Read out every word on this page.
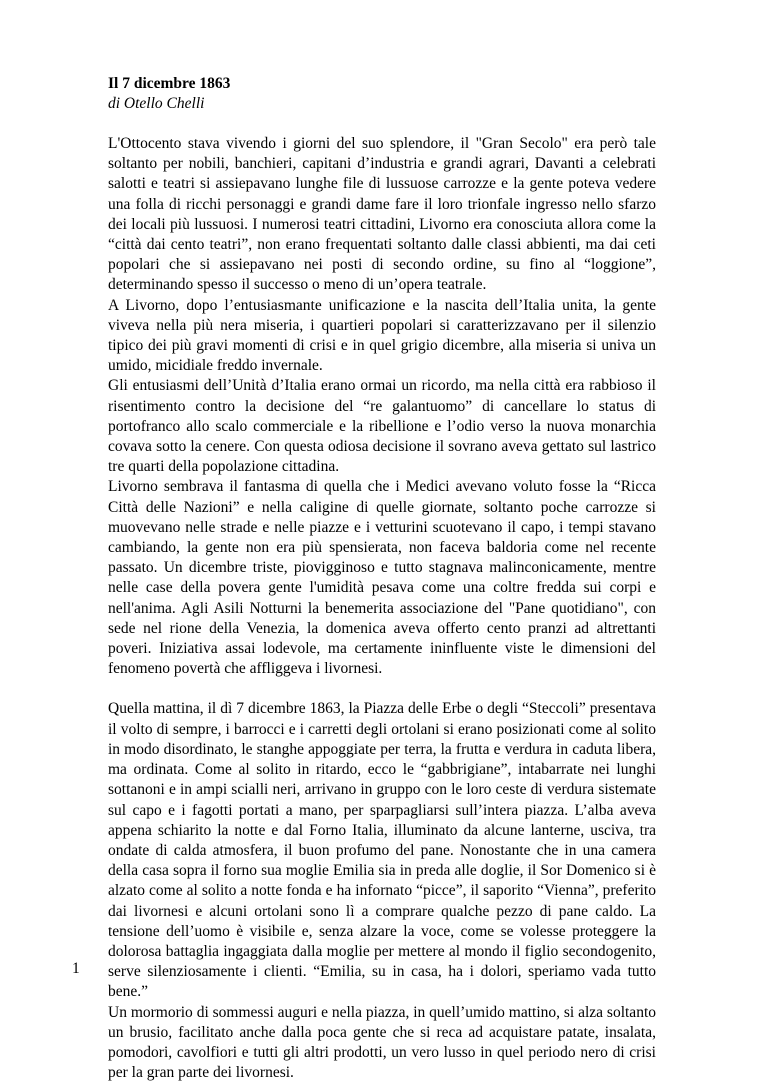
Il 7 dicembre 1863

di Otello Chelli

L'Ottocento stava vivendo i giorni del suo splendore, il "Gran Secolo" era però tale soltanto per nobili, banchieri, capitani d’industria e grandi agrari, Davanti a celebrati salotti e teatri si assiepavano lunghe file di lussuose carrozze e la gente poteva vedere una folla di ricchi personaggi e grandi dame fare il loro trionfale ingresso nello sfarzo dei locali più lussuosi. I numerosi teatri cittadini, Livorno era conosciuta allora come la “città dai cento teatri”, non erano frequentati soltanto dalle classi abbienti, ma dai ceti popolari che si assiepavano nei posti di secondo ordine, su fino al “loggione”, determinando spesso il successo o meno di un’opera teatrale.

A Livorno, dopo l’entusiasmante unificazione e la nascita dell’Italia unita, la gente viveva nella più nera miseria, i quartieri popolari si caratterizzavano per il silenzio tipico dei più gravi momenti di crisi e in quel grigio dicembre, alla miseria si univa un umido, micidiale freddo invernale.

Gli entusiasmi dell’Unità d’Italia erano ormai un ricordo, ma nella città era rabbioso il risentimento contro la decisione del “re galantuomo” di cancellare lo status di portofranco allo scalo commerciale e la ribellione e l’odio verso la nuova monarchia covava sotto la cenere. Con questa odiosa decisione il sovrano aveva gettato sul lastrico tre quarti della popolazione cittadina.

Livorno sembrava il fantasma di quella che i Medici avevano voluto fosse la “Ricca Città delle Nazioni” e nella caligine di quelle giornate, soltanto poche carrozze si muovevano nelle strade e nelle piazze e i vetturini scuotevano il capo, i tempi stavano cambiando, la gente non era più spensierata, non faceva baldoria come nel recente passato. Un dicembre triste, piovigginoso e tutto stagnava malinconicamente, mentre nelle case della povera gente l'umidità pesava come una coltre fredda sui corpi e nell'anima. Agli Asili Notturni la benemerita associazione del "Pane quotidiano", con sede nel rione della Venezia, la domenica aveva offerto cento pranzi ad altrettanti poveri. Iniziativa assai lodevole, ma certamente ininfluente viste le dimensioni del fenomeno povertà che affliggeva i livornesi.

Quella mattina, il dì 7 dicembre 1863, la Piazza delle Erbe o degli “Steccoli” presentava il volto di sempre, i barrocci e i carretti degli ortolani si erano posizionati come al solito in modo disordinato, le stanghe appoggiate per terra, la frutta e verdura in caduta libera, ma ordinata. Come al solito in ritardo, ecco le “gabbrigiane”, intabarrate nei lunghi sottanoni e in ampi scialli neri, arrivano in gruppo con le loro ceste di verdura sistemate sul capo e i fagotti portati a mano, per sparpagliarsi sull’intera piazza. L’alba aveva appena schiarito la notte e dal Forno Italia, illuminato da alcune lanterne, usciva, tra ondate di calda atmosfera, il buon profumo del pane. Nonostante che in una camera della casa sopra il forno sua moglie Emilia sia in preda alle doglie, il Sor Domenico si è alzato come al solito a notte fonda e ha infornato “picce”, il saporito “Vienna”, preferito dai livornesi e alcuni ortolani sono lì a comprare qualche pezzo di pane caldo. La tensione dell’uomo è visibile e, senza alzare la voce, come se volesse proteggere la dolorosa battaglia ingaggiata dalla moglie per mettere al mondo il figlio secondogenito, serve silenziosamente i clienti. “Emilia, su in casa, ha i dolori, speriamo vada tutto bene.”

Un mormorio di sommessi auguri e nella piazza, in quell’umido mattino, si alza soltanto un brusio, facilitato anche dalla poca gente che si reca ad acquistare patate, insalata, pomodori, cavolfiori e tutti gli altri prodotti, un vero lusso in quel periodo nero di crisi per la gran parte dei livornesi.

1
